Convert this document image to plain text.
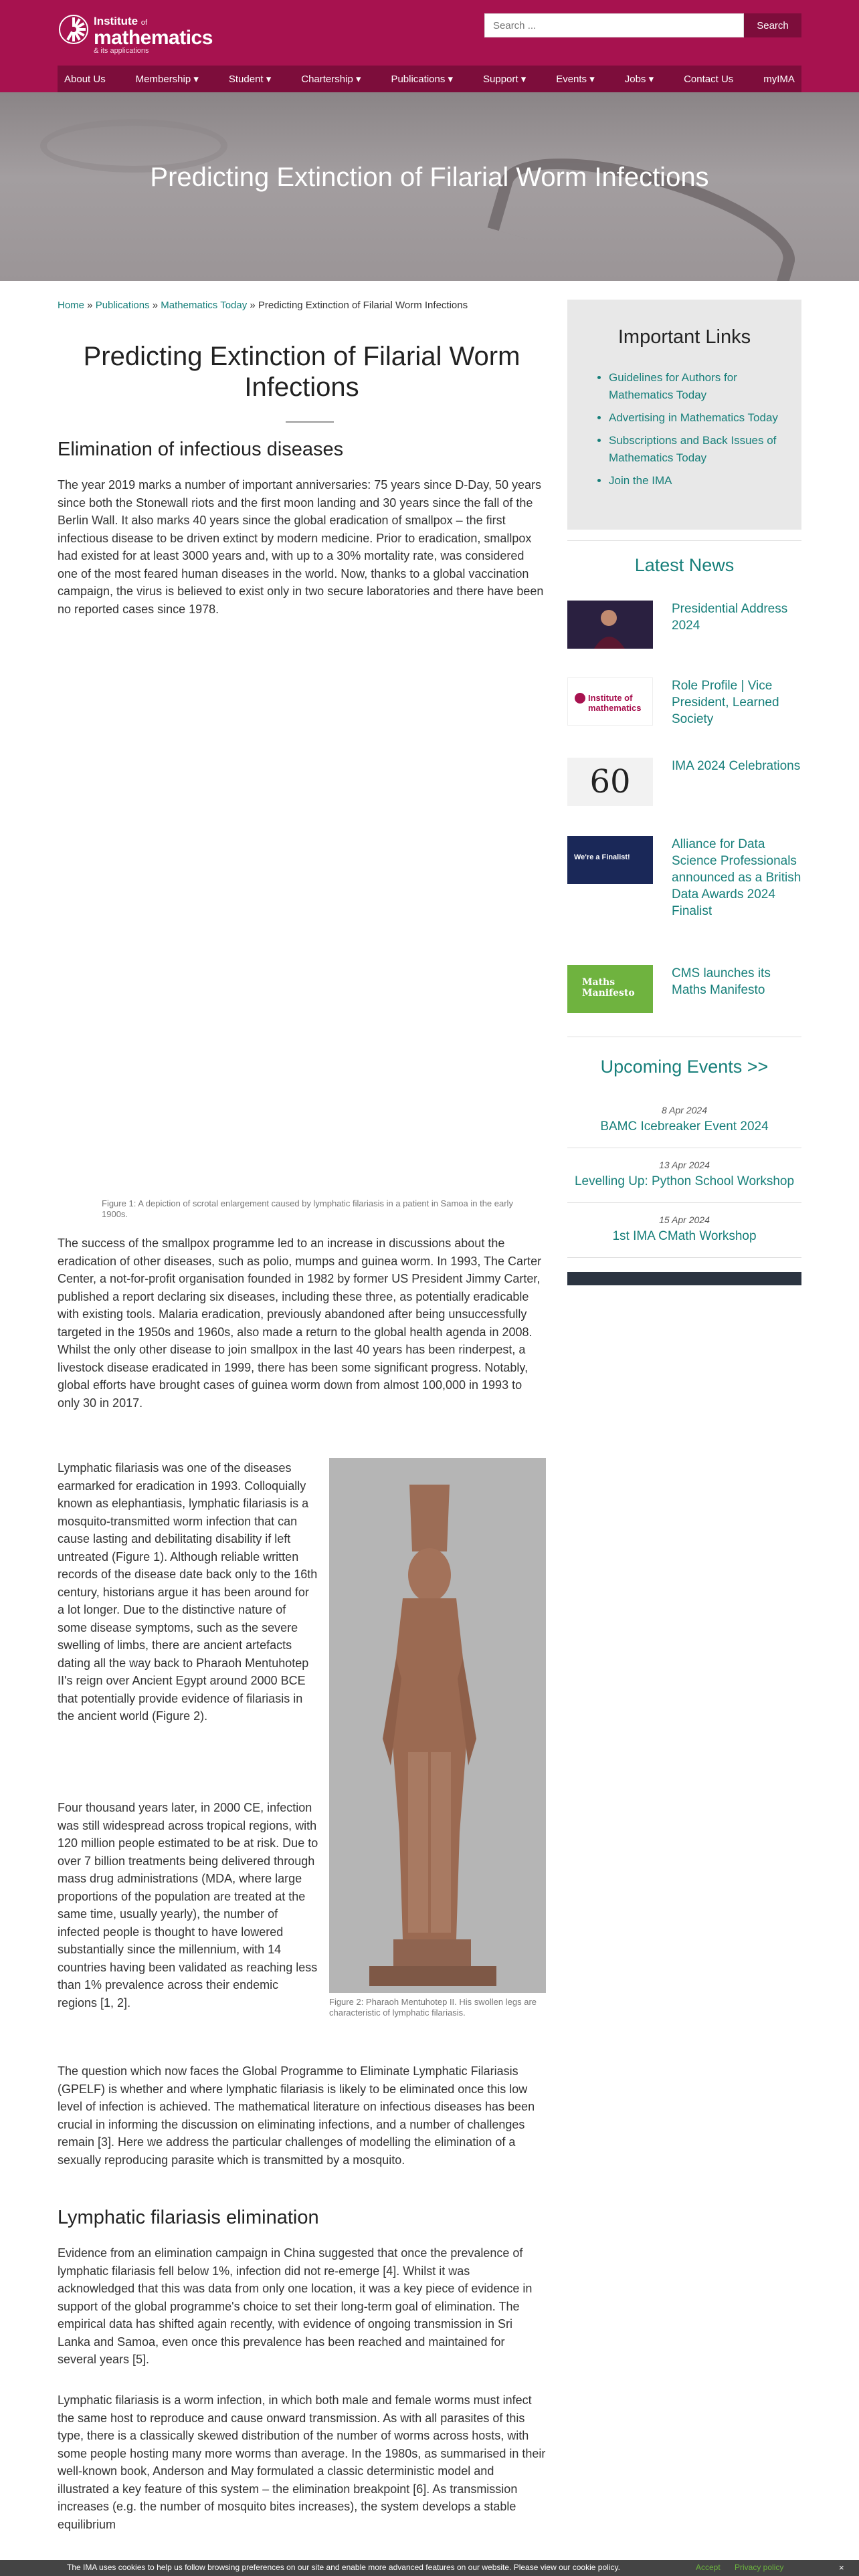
Institute of
mathematics
& its applications
Search ...
Search
About Us	Membership ▾	Student ▾	Chartership ▾	Publications ▾	Support ▾	Events ▾	Jobs ▾	Contact Us	myIMA
Predicting Extinction of Filarial Worm Infections
Home » Publications » Mathematics Today » Predicting Extinction of Filarial Worm Infections
Predicting Extinction of Filarial Worm Infections
Elimination of infectious diseases

The year 2019 marks a number of important anniversaries: 75 years since D-Day, 50 years since both the Stonewall riots and the first moon landing and 30 years since the fall of the Berlin Wall. It also marks 40 years since the global eradication of smallpox – the first infectious disease to be driven extinct by modern medicine. Prior to eradication, smallpox had existed for at least 3000 years and, with up to a 30% mortality rate, was considered one of the most feared human diseases in the world. Now, thanks to a global vaccination campaign, the virus is believed to exist only in two secure laboratories and there have been no reported cases since 1978.

Figure 1: A depiction of scrotal enlargement caused by lymphatic filariasis in a patient in Samoa in the early 1900s.

The success of the smallpox programme led to an increase in discussions about the eradication of other diseases, such as polio, mumps and guinea worm. In 1993, The Carter Center, a not-for-profit organisation founded in 1982 by former US President Jimmy Carter, published a report declaring six diseases, including these three, as potentially eradicable with existing tools. Malaria eradication, previously abandoned after being unsuccessfully targeted in the 1950s and 1960s, also made a return to the global health agenda in 2008. Whilst the only other disease to join smallpox in the last 40 years has been rinderpest, a livestock disease eradicated in 1999, there has been some significant progress. Notably, global efforts have brought cases of guinea worm down from almost 100,000 in 1993 to only 30 in 2017.

Lymphatic filariasis was one of the diseases earmarked for eradication in 1993. Colloquially known as elephantiasis, lymphatic filariasis is a mosquito-transmitted worm infection that can cause lasting and debilitating disability if left untreated (Figure 1). Although reliable written records of the disease date back only to the 16th century, historians argue it has been around for a lot longer. Due to the distinctive nature of some disease symptoms, such as the severe swelling of limbs, there are ancient artefacts dating all the way back to Pharaoh Mentuhotep II's reign over Ancient Egypt around 2000 BCE that potentially provide evidence of filariasis in the ancient world (Figure 2).

Four thousand years later, in 2000 CE, infection was still widespread across tropical regions, with 120 million people estimated to be at risk. Due to over 7 billion treatments being delivered through mass drug administrations (MDA, where large proportions of the population are treated at the same time, usually yearly), the number of infected people is thought to have lowered substantially since the millennium, with 14 countries having been validated as reaching less than 1% prevalence across their endemic regions [1, 2].	Figure 2: Pharaoh Mentuhotep II. His swollen legs are characteristic of lymphatic filariasis.

The question which now faces the Global Programme to Eliminate Lymphatic Filariasis (GPELF) is whether and where lymphatic filariasis is likely to be eliminated once this low level of infection is achieved. The mathematical literature on infectious diseases has been crucial in informing the discussion on eliminating infections, and a number of challenges remain [3]. Here we address the particular challenges of modelling the elimination of a sexually reproducing parasite which is transmitted by a mosquito.

Lymphatic filariasis elimination

Evidence from an elimination campaign in China suggested that once the prevalence of lymphatic filariasis fell below 1%, infection did not re-emerge [4]. Whilst it was acknowledged that this was data from only one location, it was a key piece of evidence in support of the global programme's choice to set their long-term goal of elimination. The empirical data has shifted again recently, with evidence of ongoing transmission in Sri Lanka and Samoa, even once this prevalence has been reached and maintained for several years [5].

Lymphatic filariasis is a worm infection, in which both male and female worms must infect the same host to reproduce and cause onward transmission. As with all parasites of this type, there is a classically skewed distribution of the number of worms across hosts, with some people hosting many more worms than average. In the 1980s, as summarised in their well-known book, Anderson and May formulated a classic deterministic model and illustrated a key feature of this system – the elimination breakpoint [6]. As transmission increases (e.g. the number of mosquito bites increases), the system develops a stable equilibrium

Important Links
• Guidelines for Authors for Mathematics Today
• Advertising in Mathematics Today
• Subscriptions and Back Issues of Mathematics Today
• Join the IMA
Latest News
Presidential Address 2024
Institute of mathematics
Role Profile | Vice President, Learned Society
60	IMA 2024 Celebrations
We're a Finalist!
Alliance for Data Science Professionals announced as a British Data Awards 2024 Finalist
Maths Manifesto
CMS launches its Maths Manifesto
Upcoming Events >>
8 Apr 2024
BAMC Icebreaker Event 2024
13 Apr 2024
Levelling Up: Python School Workshop
15 Apr 2024
1st IMA CMath Workshop
The IMA uses cookies to help us follow browsing preferences on our site and enable more advanced features on our website. Please view our cookie policy.	Accept Privacy policy	×
